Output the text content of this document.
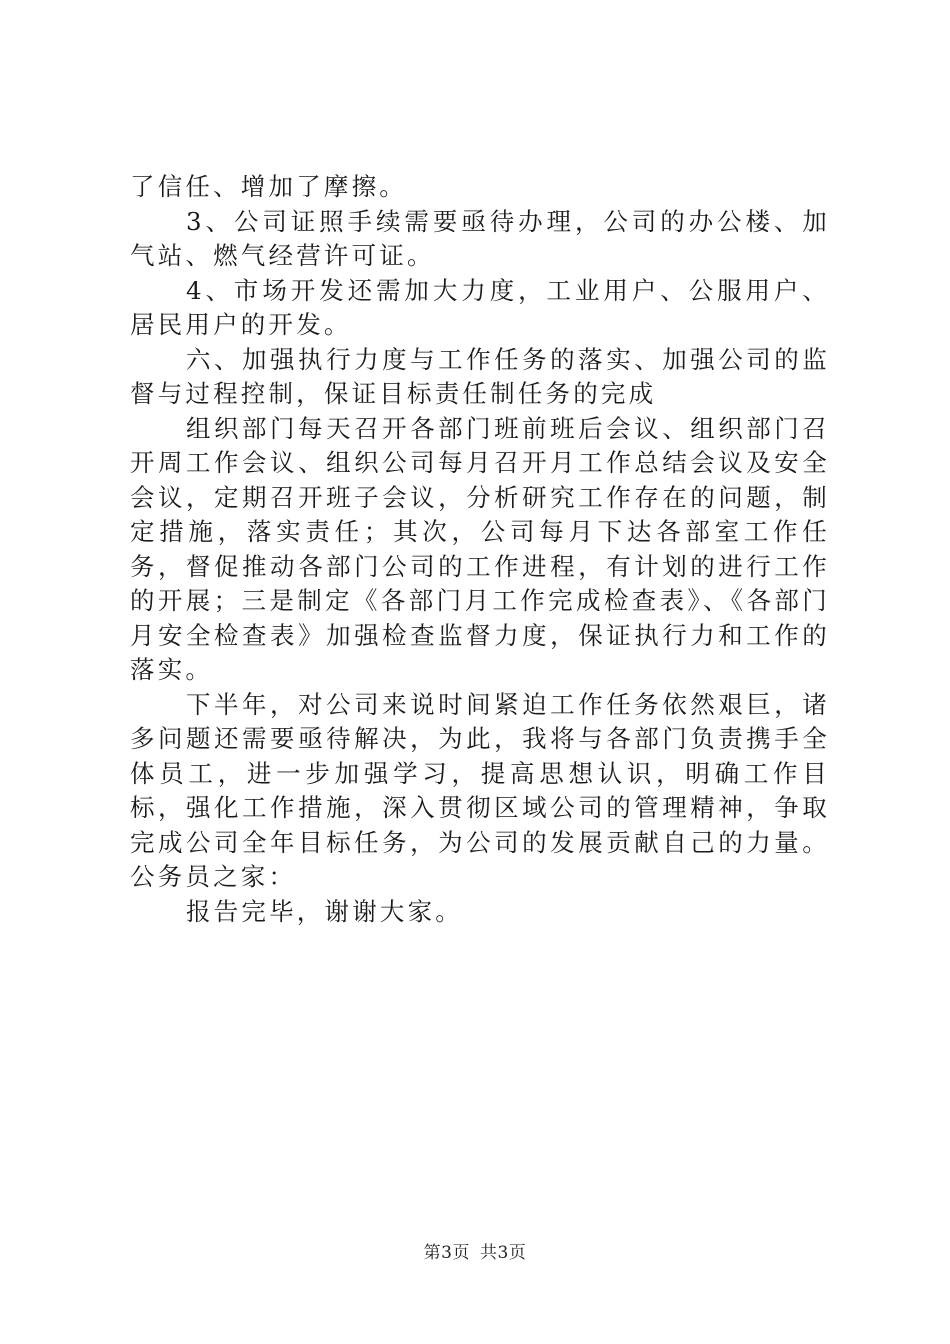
了信任、增加了摩擦。

3、公司证照手续需要亟待办理，公司的办公楼、加气站、燃气经营许可证。

4、市场开发还需加大力度，工业用户、公服用户、居民用户的开发。

六、加强执行力度与工作任务的落实、加强公司的监督与过程控制，保证目标责任制任务的完成

组织部门每天召开各部门班前班后会议、组织部门召开周工作会议、组织公司每月召开月工作总结会议及安全会议，定期召开班子会议，分析研究工作存在的问题，制定措施，落实责任；其次，公司每月下达各部室工作任务，督促推动各部门公司的工作进程，有计划的进行工作的开展；三是制定《各部门月工作完成检查表》、《各部门月安全检查表》加强检查监督力度，保证执行力和工作的落实。

下半年，对公司来说时间紧迫工作任务依然艰巨，诸多问题还需要亟待解决，为此，我将与各部门负责携手全体员工，进一步加强学习，提高思想认识，明确工作目标，强化工作措施，深入贯彻区域公司的管理精神，争取完成公司全年目标任务，为公司的发展贡献自己的力量。公务员之家：

报告完毕，谢谢大家。

第3页 共3页
